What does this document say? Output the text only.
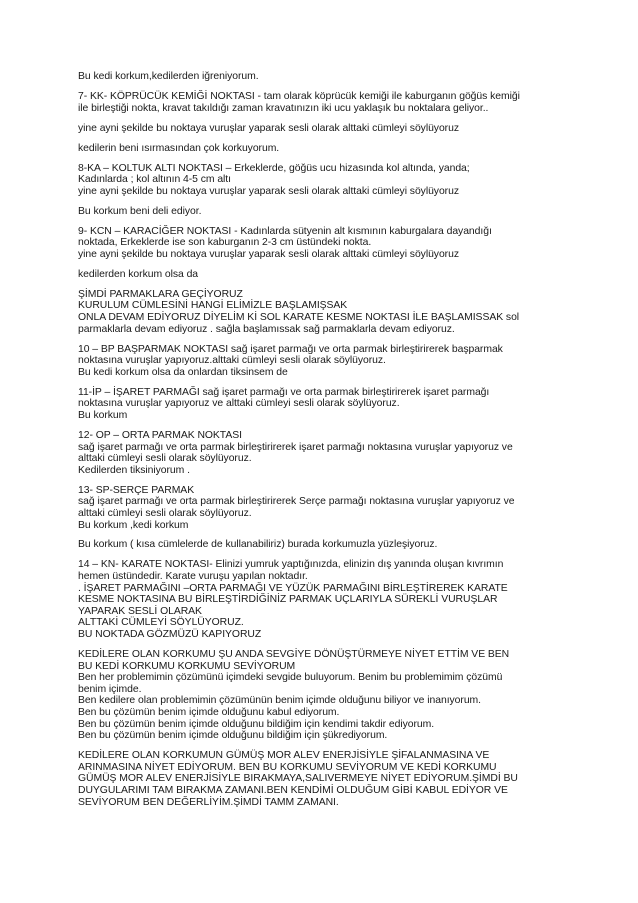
Bu kedi korkum,kedilerden iğreniyorum.
7- KK- KÖPRÜCÜK KEMİĞİ NOKTASI - tam olarak köprücük kemiği ile kaburganın göğüs kemiği
ile birleştiği nokta, kravat takıldığı zaman kravatınızın iki ucu yaklaşık bu noktalara geliyor..
yine ayni şekilde bu noktaya vuruşlar yaparak sesli olarak alttaki cümleyi söylüyoruz
kedilerin beni ısırmasından çok korkuyorum.
8-KA – KOLTUK ALTI NOKTASI – Erkeklerde, göğüs ucu hizasında kol altında, yanda;
Kadınlarda ; kol altının 4-5 cm altı
yine ayni şekilde bu noktaya vuruşlar yaparak sesli olarak alttaki cümleyi söylüyoruz
Bu korkum beni deli ediyor.
9- KCN – KARACİĞER NOKTASI - Kadınlarda sütyenin alt kısmının kaburgalara dayandığı
noktada, Erkeklerde ise son kaburganın 2-3 cm üstündeki nokta.
yine ayni şekilde bu noktaya vuruşlar yaparak sesli olarak alttaki cümleyi söylüyoruz
kedilerden korkum olsa da
ŞİMDİ PARMAKLARA GEÇİYORUZ
KURULUM CÜMLESİNİ HANGİ ELİMİZLE BAŞLAMIŞSAK
ONLA DEVAM EDİYORUZ DİYELİM Kİ SOL KARATE KESME NOKTASI İLE BAŞLAMISSAK sol
parmaklarla devam ediyoruz . sağla başlamıssak sağ parmaklarla devam ediyoruz.
10 – BP BAŞPARMAK NOKTASI sağ işaret parmağı ve orta parmak birleştirirerek başparmak
noktasına vuruşlar yapıyoruz.alttaki cümleyi sesli olarak söylüyoruz.
Bu kedi korkum olsa da onlardan tiksinsem de
11-İP – İŞARET PARMAĞI sağ işaret parmağı ve orta parmak birleştirirerek işaret parmağı
noktasına vuruşlar yapıyoruz ve alttaki cümleyi sesli olarak söylüyoruz.
Bu korkum
12- OP – ORTA PARMAK NOKTASI
sağ işaret parmağı ve orta parmak birleştirirerek işaret parmağı noktasına vuruşlar yapıyoruz ve
alttaki cümleyi sesli olarak söylüyoruz.
Kedilerden tiksiniyorum .
13- SP-SERÇE PARMAK
sağ işaret parmağı ve orta parmak birleştirirerek Serçe parmağı noktasına vuruşlar yapıyoruz ve
alttaki cümleyi sesli olarak söylüyoruz.
Bu korkum ,kedi korkum
Bu korkum ( kısa cümlelerde de kullanabiliriz) burada korkumuzla yüzleşiyoruz.
14 – KN- KARATE NOKTASI- Elinizi yumruk yaptığınızda, elinizin dış yanında oluşan kıvrımın
hemen üstündedir. Karate vuruşu yapılan noktadır.
. İŞARET PARMAĞINI –ORTA PARMAĞI VE YÜZÜK PARMAĞINI BİRLEŞTİREREK KARATE
KESME NOKTASINA BU BİRLEŞTİRDİĞİNİZ PARMAK UÇLARIYLA SÜREKLİ VURUŞLAR
YAPARAK SESLİ OLARAK
ALTTAKİ CÜMLEYİ SÖYLÜYORUZ.
BU NOKTADA GÖZMÜZÜ KAPIYORUZ
KEDİLERE OLAN KORKUMU ŞU ANDA SEVGİYE DÖNÜŞTÜRMEYE NİYET ETTİM VE BEN
BU KEDİ KORKUMU KORKUMU SEVİYORUM
Ben her problemimin çözümünü içimdeki sevgide buluyorum. Benim bu problemimim çözümü
benim içimde.
Ben kedilere olan problemimin çözümünün benim içimde olduğunu biliyor ve inanıyorum.
Ben bu çözümün benim içimde olduğunu kabul ediyorum.
Ben bu çözümün benim içimde olduğunu bildiğim için kendimi takdir ediyorum.
Ben bu çözümün benim içimde olduğunu bildiğim için şükrediyorum.
KEDİLERE OLAN KORKUMUN GÜMÜŞ MOR ALEV ENERJİSİYLE ŞİFALANMASINA VE
ARINMASINA NİYET EDİYORUM. BEN BU KORKUMU SEVİYORUM VE KEDİ KORKUMU
GÜMÜŞ MOR ALEV ENERJİSİYLE BIRAKMAYA,SALIVERMEYE NİYET EDİYORUM.ŞİMDİ BU
DUYGULARIMI TAM BIRAKMA ZAMANI.BEN KENDİMİ OLDUĞUM GİBİ KABUL EDİYOR VE
SEVİYORUM BEN DEĞERLİYİM.ŞİMDİ TAMM ZAMANI.
